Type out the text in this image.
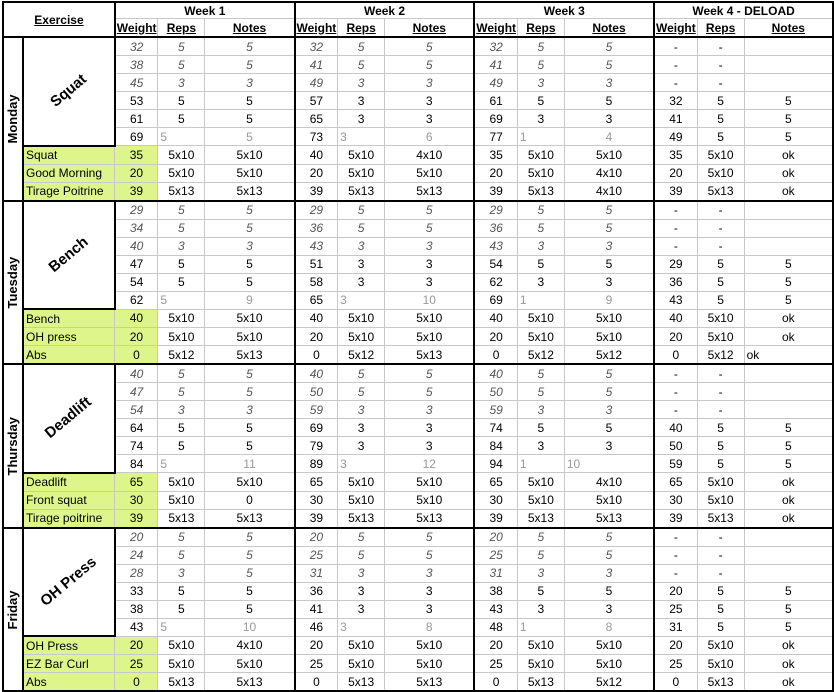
Exercise		Week 1			Week 2			Week 3			Week 4 - DELOAD		
		Weight	Reps	Notes	Weight	Reps	Notes	Weight	Reps	Notes	Weight	Reps	Notes
Monday	Squat	32	5	5	32	5	5	32	5	5	-	-	
		38	5	5	41	5	5	41	5	5	-	-	
		45	3	3	49	3	3	49	3	3	-	-	
		53	5	5	57	3	3	61	5	5	32	5	5
		61	5	5	65	3	3	69	3	3	41	5	5
		69	5	5	73	3	6	77	1	4	49	5	5
	Squat	35	5x10	5x10	40	5x10	4x10	35	5x10	5x10	35	5x10	ok
	Good Morning	20	5x10	5x10	20	5x10	5x10	20	5x10	4x10	20	5x10	ok
	Tirage Poitrine	39	5x13	5x13	39	5x13	5x13	39	5x13	4x10	39	5x13	ok
Tuesday	Bench	29	5	5	29	5	5	29	5	5	-	-	
		34	5	5	36	5	5	36	5	5	-	-	
		40	3	3	43	3	3	43	3	3	-	-	
		47	5	5	51	3	3	54	5	5	29	5	5
		54	5	5	58	3	3	62	3	3	36	5	5
		62	5	9	65	3	10	69	1	9	43	5	5
	Bench	40	5x10	5x10	40	5x10	5x10	40	5x10	5x10	40	5x10	ok
	OH press	20	5x10	5x10	20	5x10	5x10	20	5x10	5x10	20	5x10	ok
	Abs	0	5x12	5x13	0	5x12	5x13	0	5x12	5x12	0	5x12	ok
Thursday	Deadlift	40	5	5	40	5	5	40	5	5	-	-	
		47	5	5	50	5	5	50	5	5	-	-	
		54	3	3	59	3	3	59	3	3	-	-	
		64	5	5	69	3	3	74	5	5	40	5	5
		74	5	5	79	3	3	84	3	3	50	5	5
		84	5	11	89	3	12	94	1	10	59	5	5
	Deadlift	65	5x10	5x10	65	5x10	5x10	65	5x10	4x10	65	5x10	ok
	Front squat	30	5x10	0	30	5x10	5x10	30	5x10	5x10	30	5x10	ok
	Tirage poitrine	39	5x13	5x13	39	5x13	5x13	39	5x13	5x13	39	5x13	ok
Friday	OH Press	20	5	5	20	5	5	20	5	5	-	-	
		24	5	5	25	5	5	25	5	5	-	-	
		28	3	5	31	3	3	31	3	3	-	-	
		33	5	5	36	3	3	38	5	5	20	5	5
		38	5	5	41	3	3	43	3	3	25	5	5
		43	5	10	46	3	8	48	1	8	31	5	5
	OH Press	20	5x10	4x10	20	5x10	5x10	20	5x10	5x10	20	5x10	ok
	EZ Bar Curl	25	5x10	5x10	25	5x10	5x10	25	5x10	5x10	25	5x10	ok
	Abs	0	5x13	5x13	0	5x13	5x13	0	5x13	5x12	0	5x13	ok
